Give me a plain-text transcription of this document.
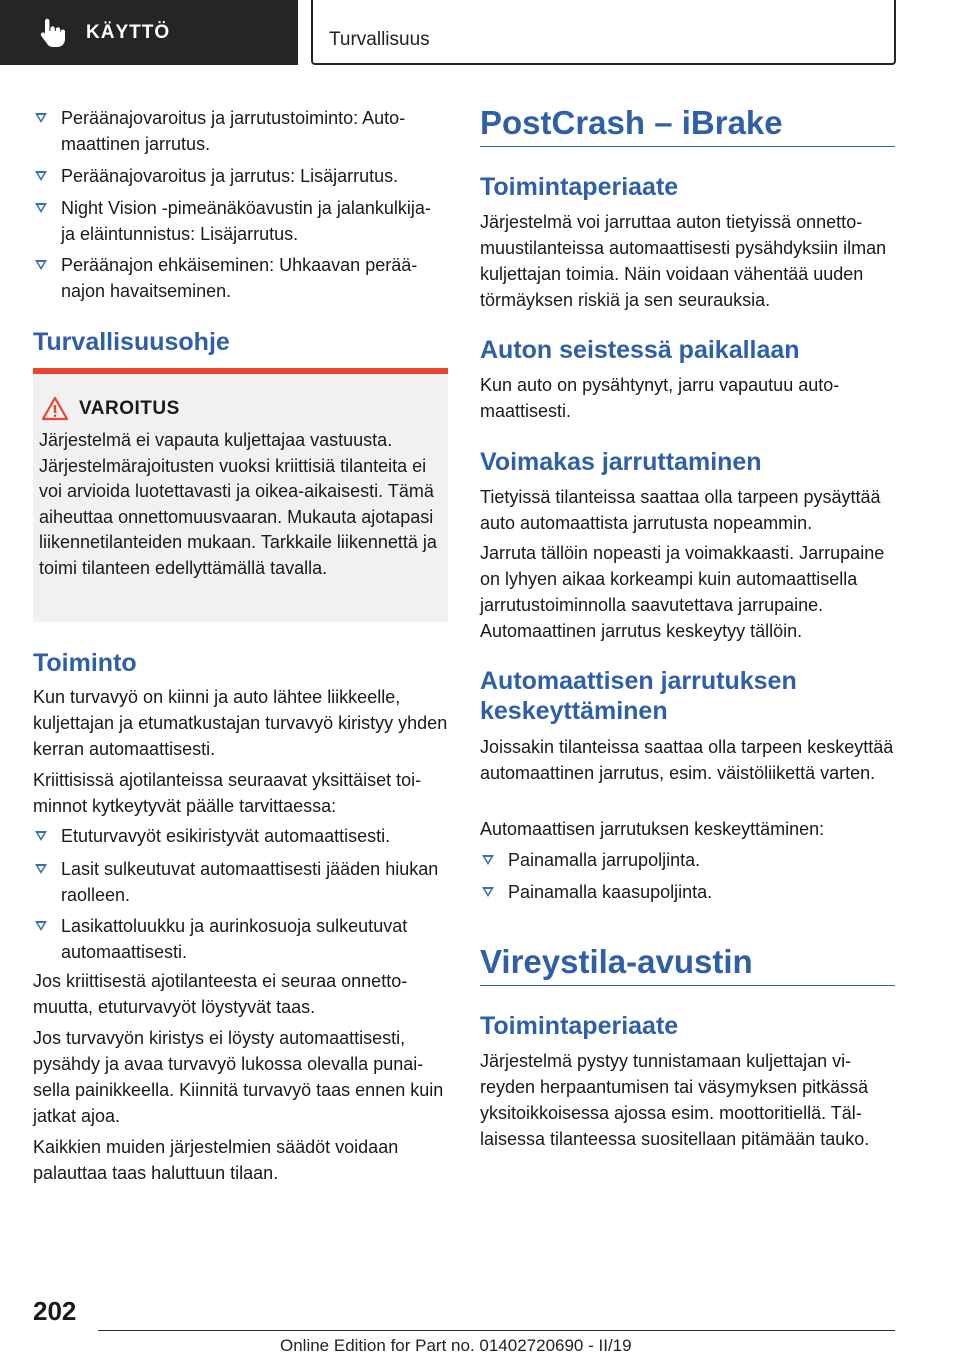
KÄYTTÖ	Turvallisuus
Peräänajovaroitus ja jarrutustoiminto: Automaattinen jarrutus.
Peräänajovaroitus ja jarrutus: Lisäjarrutus.
Night Vision -pimeänäköavustin ja jalankulkija- ja eläintunnistus: Lisäjarrutus.
Peräänajon ehkäiseminen: Uhkaavan peräänajon havaitseminen.
Turvallisuusohje
VAROITUS
Järjestelmä ei vapauta kuljettajaa vastuusta. Järjestelmärajoitusten vuoksi kriittisiä tilanteita ei voi arvioida luotettavasti ja oikea-aikaisesti. Tämä aiheuttaa onnettomuusvaaran. Mukauta ajotapasi liikennetilanteiden mukaan. Tarkkaile liikennettä ja toimi tilanteen edellyttämällä tavalla.
Toiminto
Kun turvavyö on kiinni ja auto lähtee liikkeelle, kuljettajan ja etumatkustajan turvavyö kiristyy yhden kerran automaattisesti.
Kriittisissä ajotilanteissa seuraavat yksittäiset toiminnot kytkeytyvät päälle tarvittaessa:
Etuturvavyöt esikiristyvät automaattisesti.
Lasit sulkeutuvat automaattisesti jääden hiukan raolleen.
Lasikattoluukku ja aurinkosuoja sulkeutuvat automaattisesti.
Jos kriittisestä ajotilanteesta ei seuraa onnettomuutta, etuturvavyöt löystyvät taas.
Jos turvavyön kiristys ei löysty automaattisesti, pysähdy ja avaa turvavyö lukossa olevalla punaisella painikkeella. Kiinnitä turvavyö taas ennen kuin jatkat ajoa.
Kaikkien muiden järjestelmien säädöt voidaan palauttaa taas haluttuun tilaan.
PostCrash – iBrake
Toimintaperiaate
Järjestelmä voi jarruttaa auton tietyissä onnettomuustilanteissa automaattisesti pysähdyksiin ilman kuljettajan toimia. Näin voidaan vähentää uuden törmäyksen riskiä ja sen seurauksia.
Auton seistessä paikallaan
Kun auto on pysähtynyt, jarru vapautuu automaattisesti.
Voimakas jarruttaminen
Tietyissä tilanteissa saattaa olla tarpeen pysäyttää auto automaattista jarrutusta nopeammin.
Jarruta tällöin nopeasti ja voimakkaasti. Jarrupaine on lyhyen aikaa korkeampi kuin automaattisella jarrutustoiminnolla saavutettava jarrupaine. Automaattinen jarrutus keskeytyy tällöin.
Automaattisen jarrutuksen keskeyttäminen
Joissakin tilanteissa saattaa olla tarpeen keskeyttää automaattinen jarrutus, esim. väistöliikettä varten.
Automaattisen jarrutuksen keskeyttäminen:
Painamalla jarrupoljinta.
Painamalla kaasupoljinta.
Vireystila-avustin
Toimintaperiaate
Järjestelmä pystyy tunnistamaan kuljettajan vireyden herpaantumisen tai väsymyksen pitkässä yksitoikkoisessa ajossa esim. moottoritiellä. Tällaisessa tilanteessa suositellaan pitämään tauko.
202
Online Edition for Part no. 01402720690 - II/19
